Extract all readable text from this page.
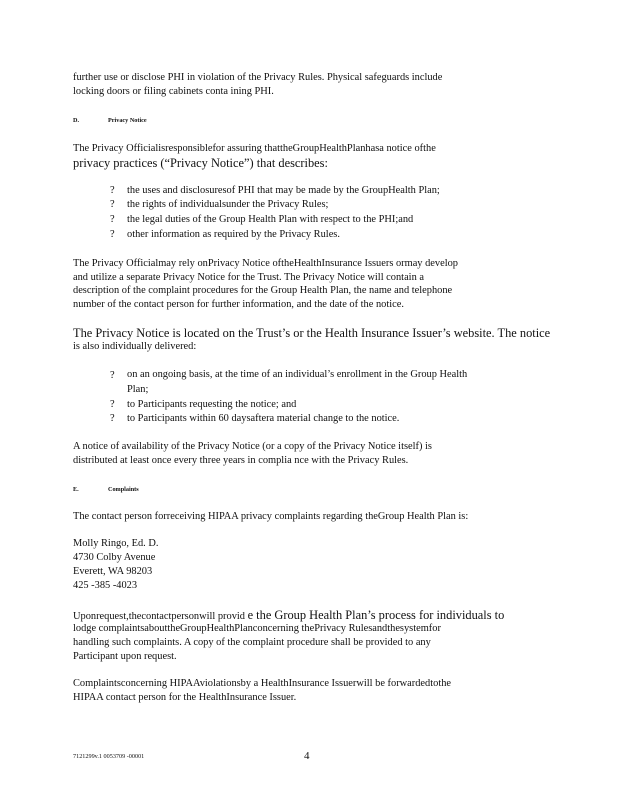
further use or disclose PHI in violation of the Privacy Rules. Physical safeguards include
locking doors or filing cabinets conta ining PHI.
D.	Privacy Notice
The Privacy Officialisresponsiblefor assuring thattheGroupHealthPlanhasa notice ofthe
privacy practices (“Privacy Notice”) that describes:
? the uses and disclosuresof PHI that may be made by the GroupHealth Plan;
? the rights of individualsunder the Privacy Rules;
? the legal duties of the Group Health Plan with respect to the PHI;and
? other information as required by the Privacy Rules.
The Privacy Officialmay rely onPrivacy Notice oftheHealthInsurance Issuers ormay develop
and utilize a separate Privacy Notice for the Trust. The Privacy Notice will contain a
description of the complaint procedures for the Group Health Plan, the name and telephone
number of the contact person for further information, and the date of the notice.
The Privacy Notice is located on the Trust’s or the Health Insurance Issuer’s website. The notice
is also individually delivered:
? on an ongoing basis, at the time of an individual’s enrollment in the Group Health
Plan;
? to Participants requesting the notice; and
? to Participants within 60 daysaftera material change to the notice.
A notice of availability of the Privacy Notice (or a copy of the Privacy Notice itself) is
distributed at least once every three years in complia nce with the Privacy Rules.
E.	Complaints
The contact person forreceiving HIPAA privacy complaints regarding theGroup Health Plan is:
Molly Ringo, Ed. D.
4730 Colby Avenue
Everett, WA 98203
425 -385 -4023
Uponrequest,thecontactpersonwill provid e the Group Health Plan’s process for individuals to
lodge complaintsabouttheGroupHealthPlanconcerning thePrivacy Rulesandthesystemfor
handling such complaints. A copy of the complaint procedure shall be provided to any
Participant upon request.
Complaintsconcerning HIPAAviolationsby a HealthInsurance Issuerwill be forwardedtothe
HIPAA contact person for the HealthInsurance Issuer.
7121299v.1 0053709 -00001	4
